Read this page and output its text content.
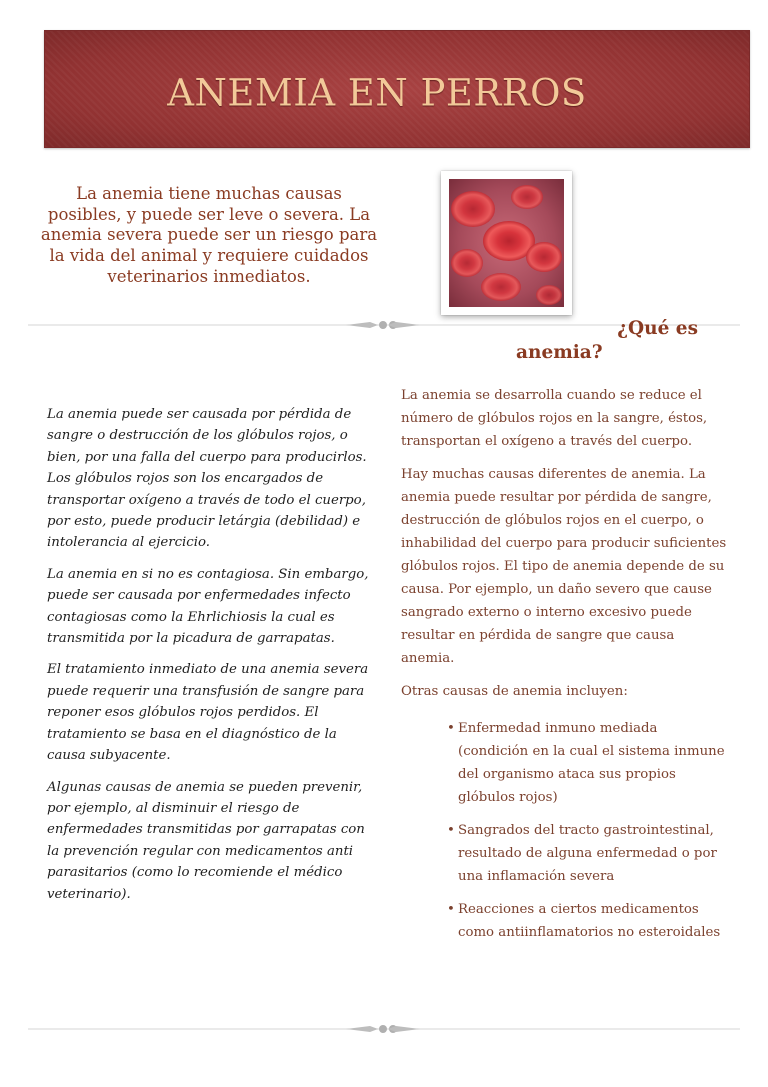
ANEMIA EN PERROS

La anemia tiene muchas causas posibles, y puede ser leve o severa. La anemia severa puede ser un riesgo para la vida del animal y requiere cuidados veterinarios inmediatos.

¿Qué es
anemia?

La anemia puede ser causada por pérdida de sangre o destrucción de los glóbulos rojos, o bien, por una falla del cuerpo para producirlos. Los glóbulos rojos son los encargados de transportar oxígeno a través de todo el cuerpo, por esto, puede producir letárgia (debilidad) e intolerancia al ejercicio.

La anemia en si no es contagiosa. Sin embargo, puede ser causada por enfermedades infecto contagiosas como la Ehrlichiosis la cual es transmitida por la picadura de garrapatas.

El tratamiento inmediato de una anemia severa puede requerir una transfusión de sangre para reponer esos glóbulos rojos perdidos. El tratamiento se basa en el diagnóstico de la causa subyacente.

Algunas causas de anemia se pueden prevenir, por ejemplo, al disminuir el riesgo de enfermedades transmitidas por garrapatas con la prevención regular con medicamentos anti parasitarios (como lo recomiende el médico veterinario).

La anemia se desarrolla cuando se reduce el número de glóbulos rojos en la sangre, éstos, transportan el oxígeno a través del cuerpo.

Hay muchas causas diferentes de anemia. La anemia puede resultar por pérdida de sangre, destrucción de glóbulos rojos en el cuerpo, o inhabilidad del cuerpo para producir suficientes glóbulos rojos. El tipo de anemia depende de su causa. Por ejemplo, un daño severo que cause sangrado externo o interno excesivo puede resultar en pérdida de sangre que causa anemia.

Otras causas de anemia incluyen:

• Enfermedad inmuno mediada (condición en la cual el sistema inmune del organismo ataca sus propios glóbulos rojos)
• Sangrados del tracto gastrointestinal, resultado de alguna enfermedad o por una inflamación severa
• Reacciones a ciertos medicamentos como antiinflamatorios no esteroidales
